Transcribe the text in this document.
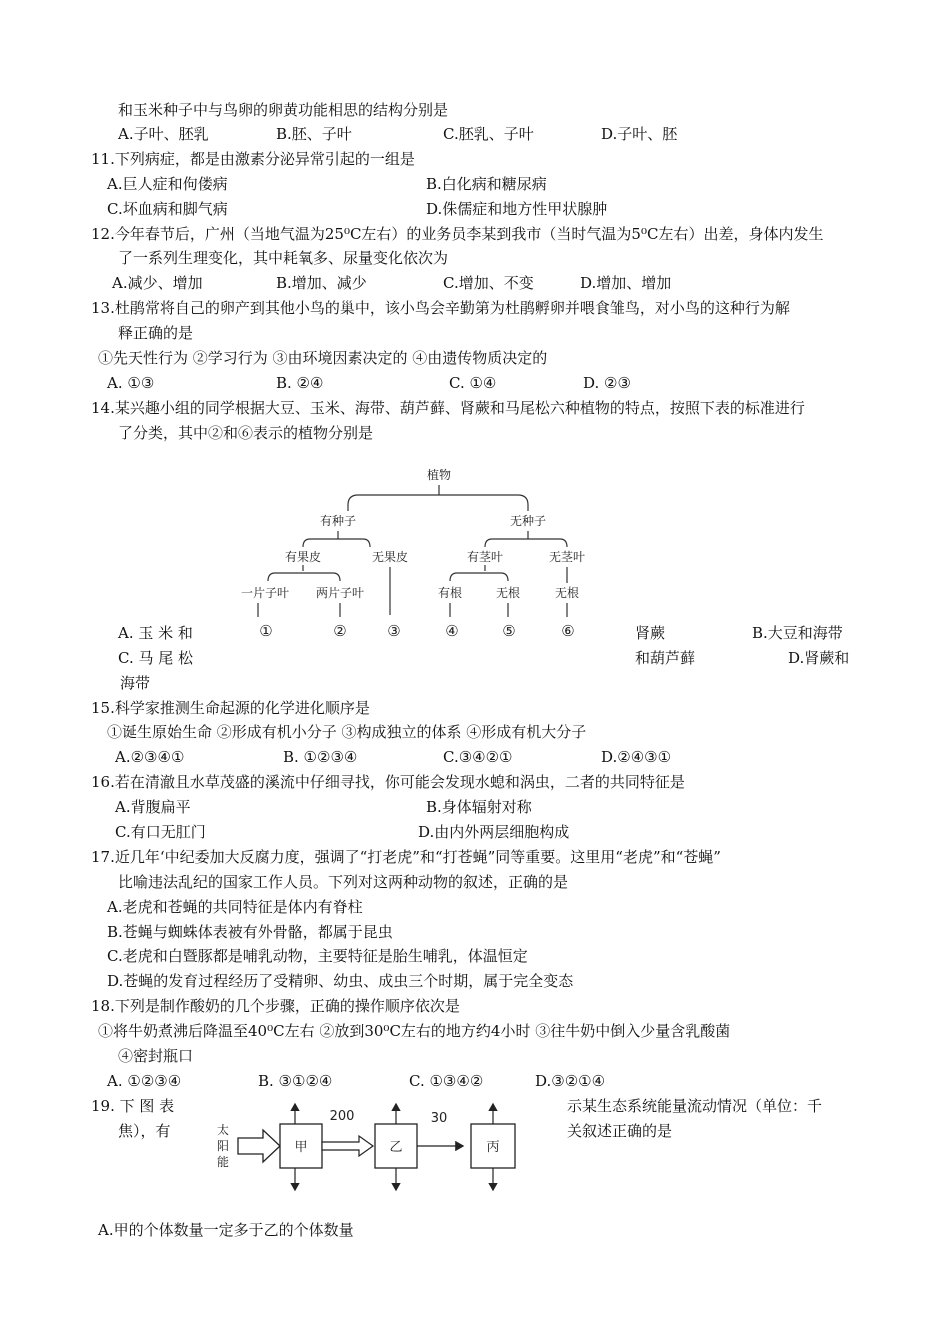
和玉米种子中与鸟卵的卵黄功能相思的结构分别是
A.子叶、胚乳	B.胚、子叶	C.胚乳、子叶	D.子叶、胚
11.下列病症，都是由激素分泌异常引起的一组是
A.巨人症和佝偻病	B.白化病和糖尿病
C.坏血病和脚气病	D.侏儒症和地方性甲状腺肿
12.今年春节后，广州（当地气温为25⁰C左右）的业务员李某到我市（当时气温为5⁰C左右）出差，身体内发生
了一系列生理变化，其中耗氧多、尿量变化依次为
A.减少、增加	B.增加、减少	C.增加、不变	D.增加、增加
13.杜鹃常将自己的卵产到其他小鸟的巢中，该小鸟会辛勤第为杜鹃孵卵并喂食雏鸟，对小鸟的这种行为解
释正确的是
①先天性行为 ②学习行为 ③由环境因素决定的 ④由遗传物质决定的
A. ①③	B. ②④	C. ①④	D. ②③
14.某兴趣小组的同学根据大豆、玉米、海带、葫芦藓、肾蕨和马尾松六种植物的特点，按照下表的标准进行
了分类，其中②和⑥表示的植物分别是
植物
有种子	无种子
有果皮	无果皮	有茎叶	无茎叶
一片子叶 两片子叶	有根	无根	无根
①	②	③	④	⑤	⑥
A. 玉 米 和	肾蕨	B.大豆和海带
C. 马 尾 松	和葫芦藓	D.肾蕨和
海带
15.科学家推测生命起源的化学进化顺序是
①诞生原始生命 ②形成有机小分子 ③构成独立的体系 ④形成有机大分子
A.②③④①	B. ①②③④	C.③④②①	D.②④③①
16.若在清澈且水草茂盛的溪流中仔细寻找，你可能会发现水螅和涡虫，二者的共同特征是
A.背腹扁平	B.身体辐射对称
C.有口无肛门	D.由内外两层细胞构成
17.近几年‘中纪委加大反腐力度，强调了“打老虎”和“打苍蝇”同等重要。这里用“老虎”和“苍蝇”
比喻违法乱纪的国家工作人员。下列对这两种动物的叙述，正确的是
A.老虎和苍蝇的共同特征是体内有脊柱
B.苍蝇与蜘蛛体表被有外骨骼，都属于昆虫
C.老虎和白暨豚都是哺乳动物，主要特征是胎生哺乳，体温恒定
D.苍蝇的发育过程经历了受精卵、幼虫、成虫三个时期，属于完全变态
18.下列是制作酸奶的几个步骤，正确的操作顺序依次是
①将牛奶煮沸后降温至40⁰C左右 ②放到30⁰C左右的地方约4小时 ③往牛奶中倒入少量含乳酸菌
④密封瓶口
A. ①②③④	B. ③①②④	C. ①③④②	D.③②①④
19. 下 图 表	示某生态系统能量流动情况（单位：千
焦），有	关叙述正确的是
太
阳
能
甲
200
乙
30
丙
A.甲的个体数量一定多于乙的个体数量
